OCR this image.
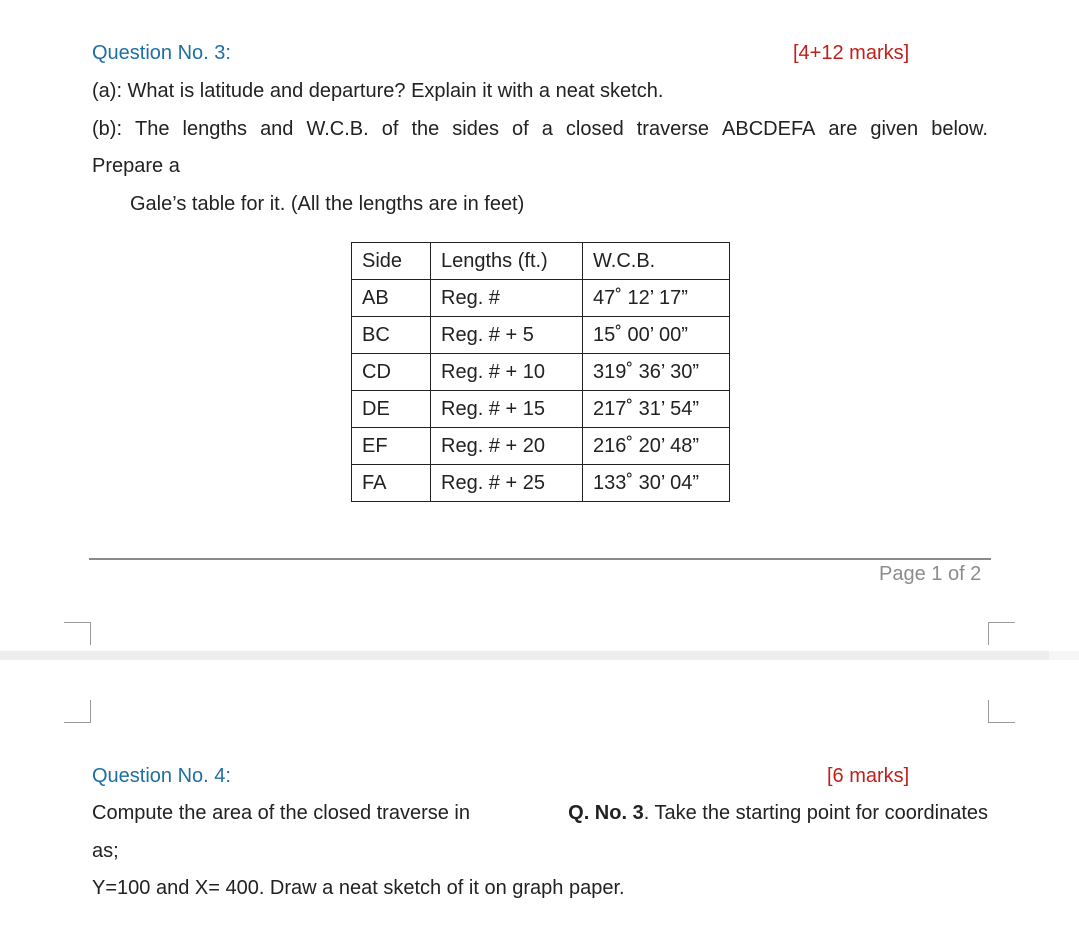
Question No. 3:	[4+12 marks]
(a): What is latitude and departure? Explain it with a neat sketch.
(b): The lengths and W.C.B. of the sides of a closed traverse ABCDEFA are given below.
Prepare a
Gale’s table for it. (All the lengths are in feet)
Side	Lengths (ft.)	W.C.B.
AB	Reg. #	47˚ 12’ 17”
BC	Reg. # + 5	15˚ 00’ 00”
CD	Reg. # + 10	319˚ 36’ 30”
DE	Reg. # + 15	217˚ 31’ 54”
EF	Reg. # + 20	216˚ 20’ 48”
FA	Reg. # + 25	133˚ 30’ 04”
Page 1 of 2
Question No. 4:	[6 marks]
Compute the area of the closed traverse in	Q. No. 3. Take the starting point for coordinates
as;
Y=100 and X= 400. Draw a neat sketch of it on graph paper.
